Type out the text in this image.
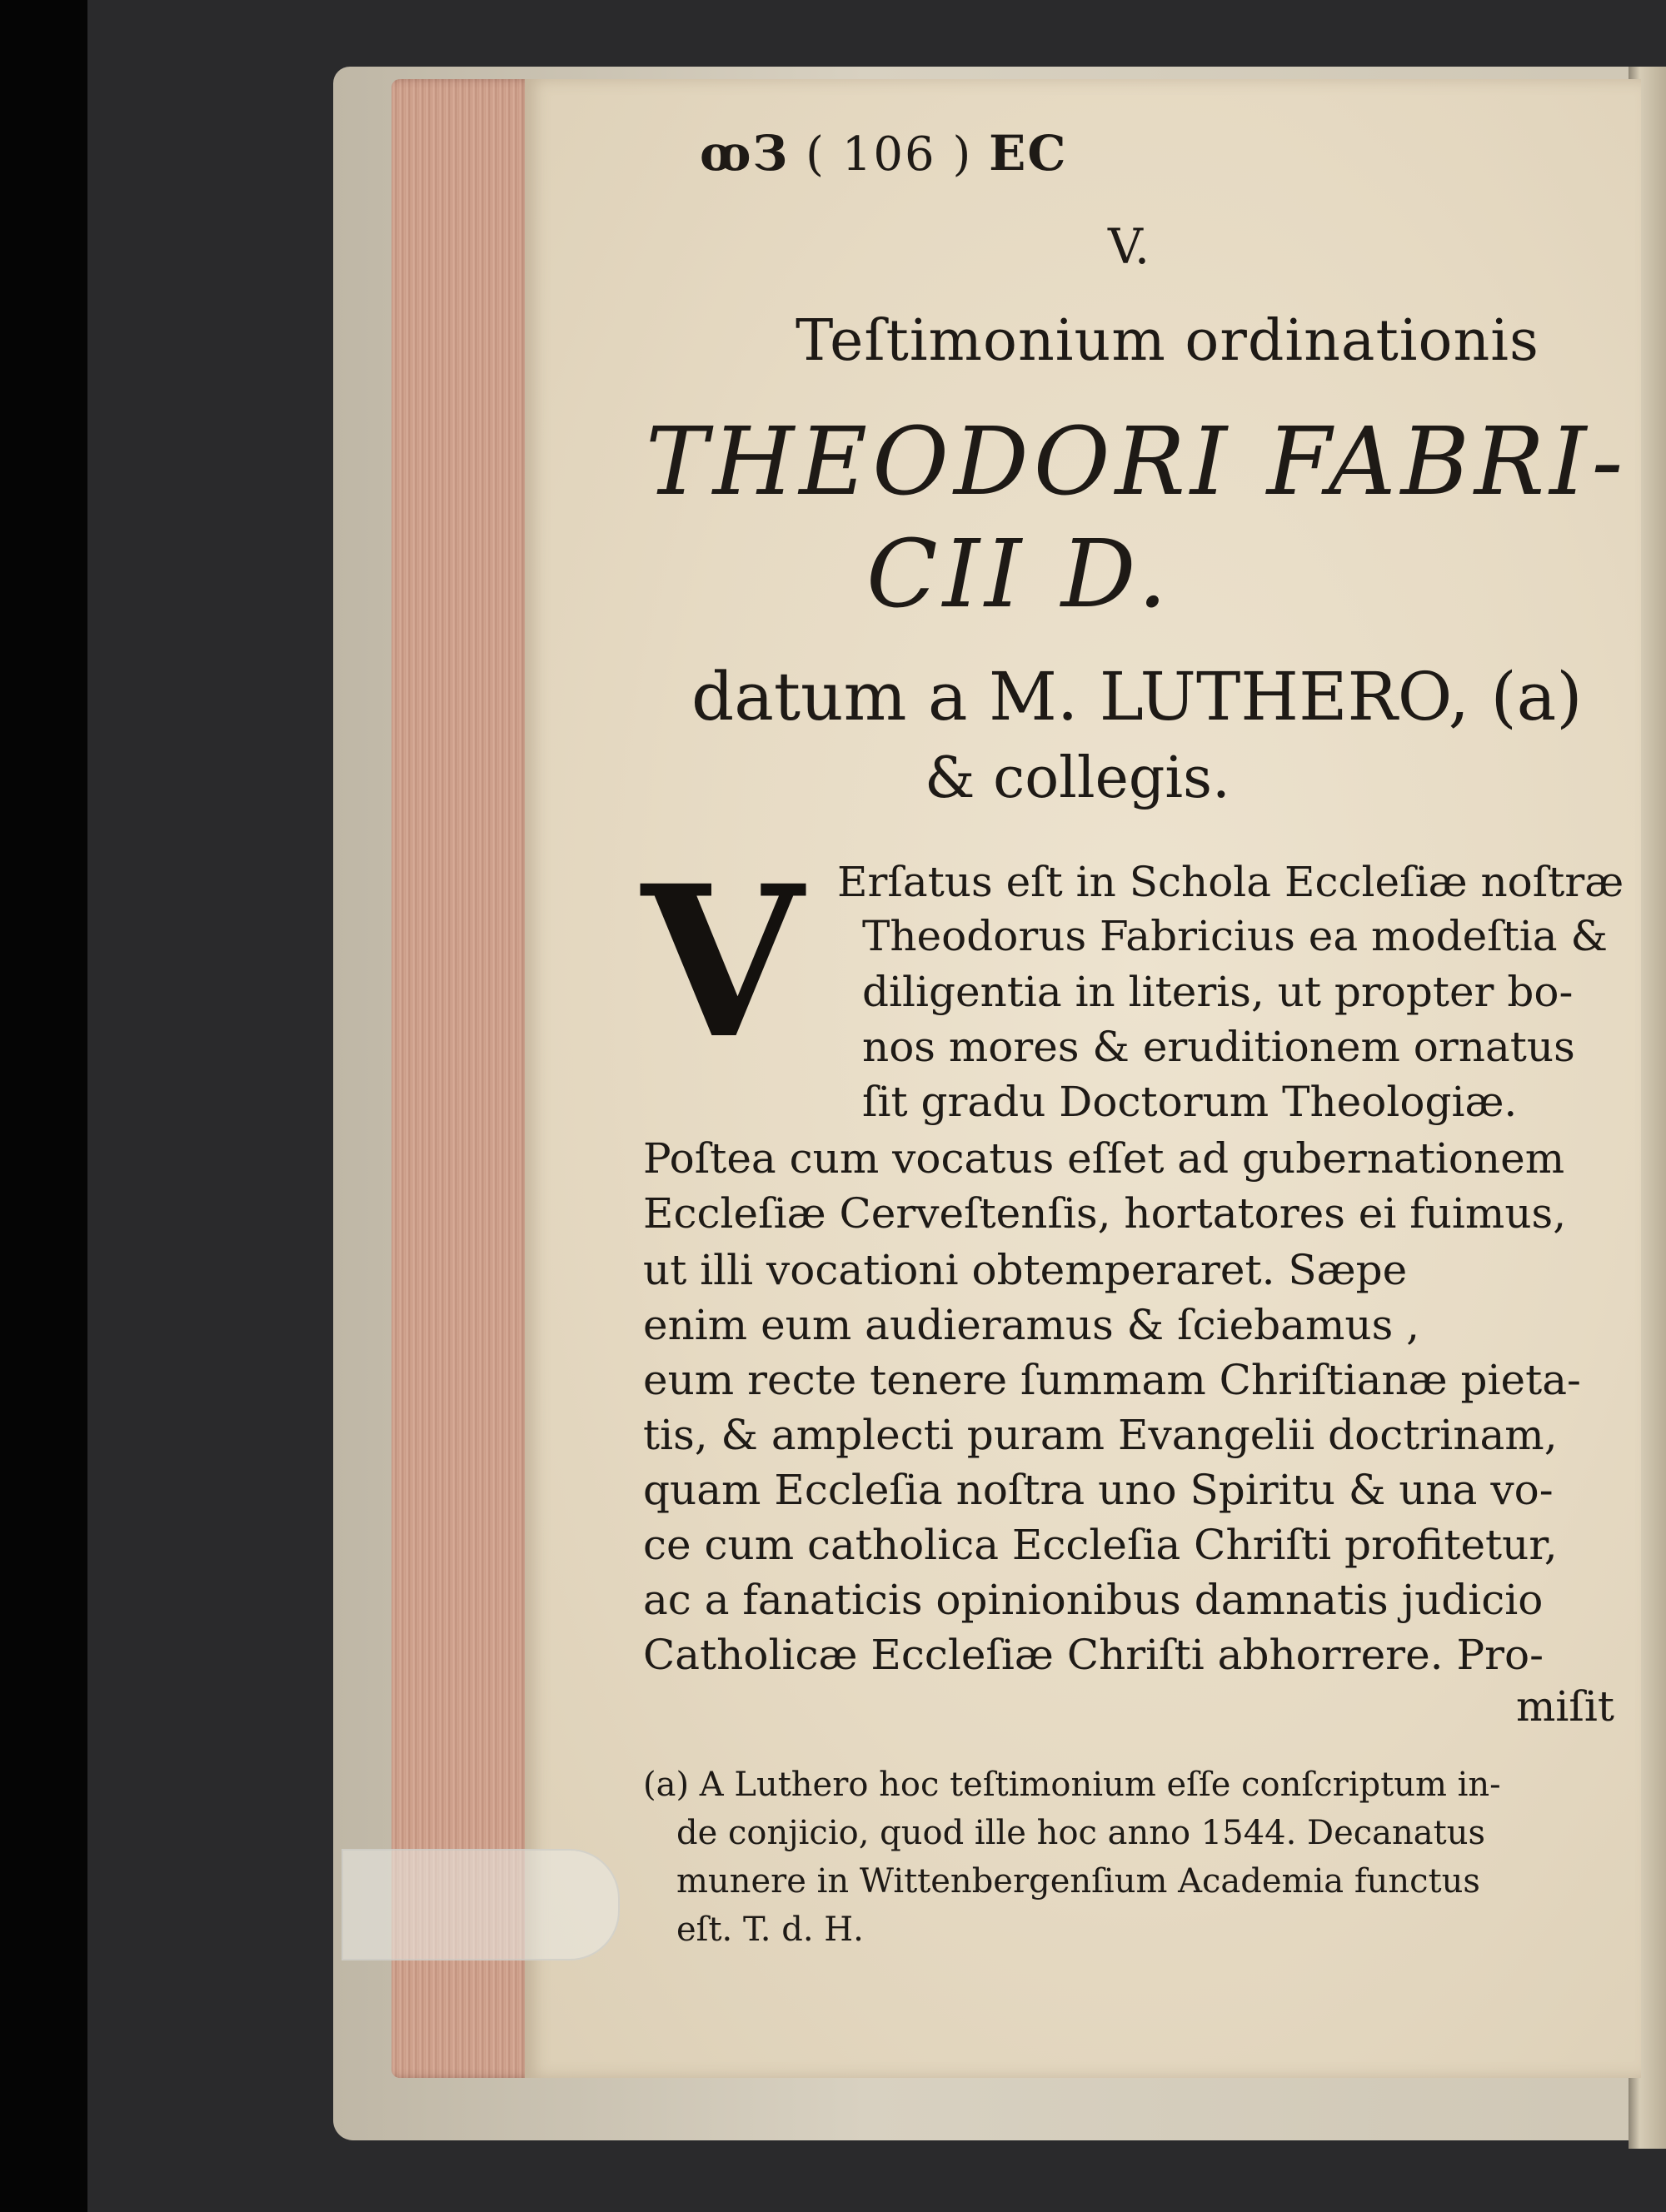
ꝏЗ ( 106 ) ЕC
V.
Teſtimonium ordinationis
THEODORI FABRI-
CII D.
datum a M. LUTHERO, (a)
& collegis.
V Erſatus eſt in Schola Eccleſiæ noſtræ
Theodorus Fabricius ea modeſtia &
diligentia in literis, ut propter bo-
nos mores & eruditionem ornatus
ſit gradu Doctorum Theologiæ.
Poſtea cum vocatus eſſet ad gubernationem
Eccleſiæ Cerveſtenſis, hortatores ei fuimus,
ut illi vocationi obtemperaret. Sæpe
enim eum audieramus & ſciebamus ,
eum recte tenere ſummam Chriſtianæ pieta-
tis, & amplecti puram Evangelii doctrinam,
quam Eccleſia noſtra uno Spiritu & una vo-
ce cum catholica Eccleſia Chriſti profitetur,
ac a fanaticis opinionibus damnatis judicio
Catholicæ Eccleſiæ Chriſti abhorrere. Pro-
miſit
(a) A Luthero hoc teſtimonium eſſe conſcriptum in-
de conjicio, quod ille hoc anno 1544. Decanatus
munere in Wittenbergenſium Academia functus
eſt. T. d. H.
